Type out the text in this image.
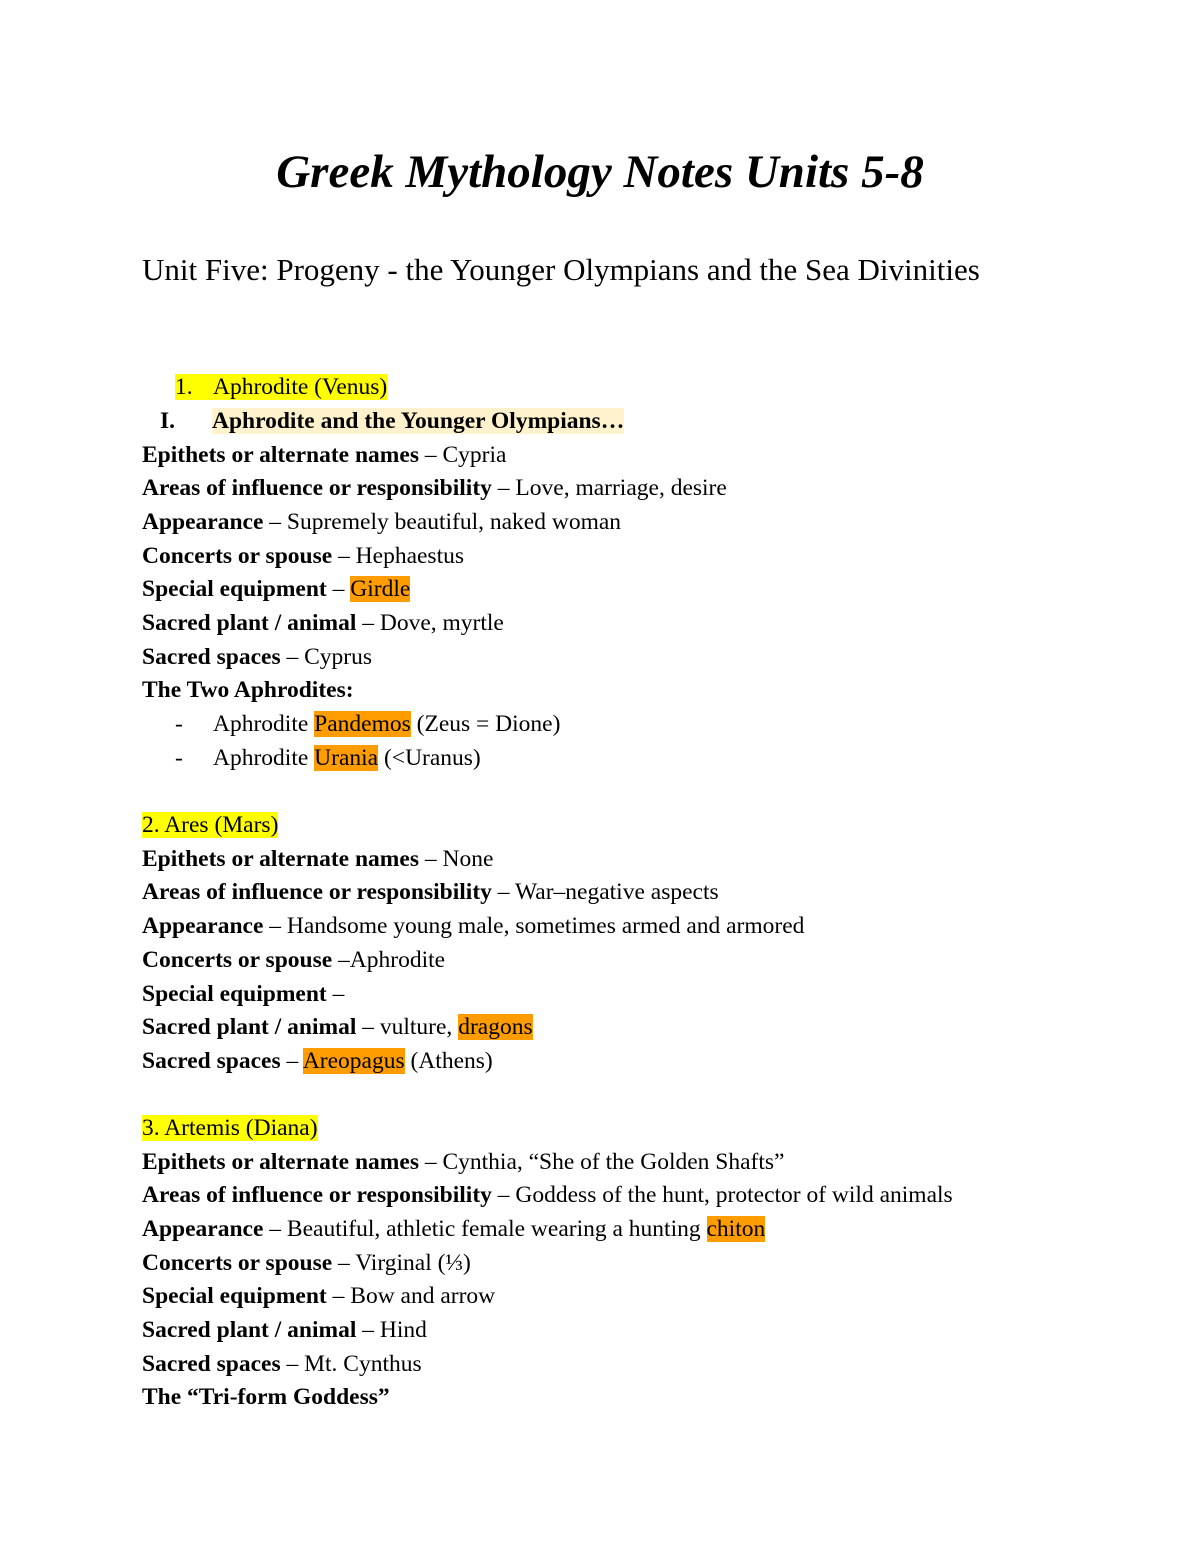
Greek Mythology Notes Units 5-8
Unit Five: Progeny - the Younger Olympians and the Sea Divinities
1. Aphrodite (Venus)
I. Aphrodite and the Younger Olympians…
Epithets or alternate names – Cypria
Areas of influence or responsibility – Love, marriage, desire
Appearance – Supremely beautiful, naked woman
Concerts or spouse – Hephaestus
Special equipment – Girdle
Sacred plant / animal – Dove, myrtle
Sacred spaces – Cyprus
The Two Aphrodites:
- Aphrodite Pandemos (Zeus = Dione)
- Aphrodite Urania (<Uranus)
2. Ares (Mars)
Epithets or alternate names – None
Areas of influence or responsibility – War–negative aspects
Appearance – Handsome young male, sometimes armed and armored
Concerts or spouse –Aphrodite
Special equipment –
Sacred plant / animal – vulture, dragons
Sacred spaces – Areopagus (Athens)
3. Artemis (Diana)
Epithets or alternate names – Cynthia, “She of the Golden Shafts”
Areas of influence or responsibility – Goddess of the hunt, protector of wild animals
Appearance – Beautiful, athletic female wearing a hunting chiton
Concerts or spouse – Virginal (⅓)
Special equipment – Bow and arrow
Sacred plant / animal – Hind
Sacred spaces – Mt. Cynthus
The “Tri-form Goddess”
